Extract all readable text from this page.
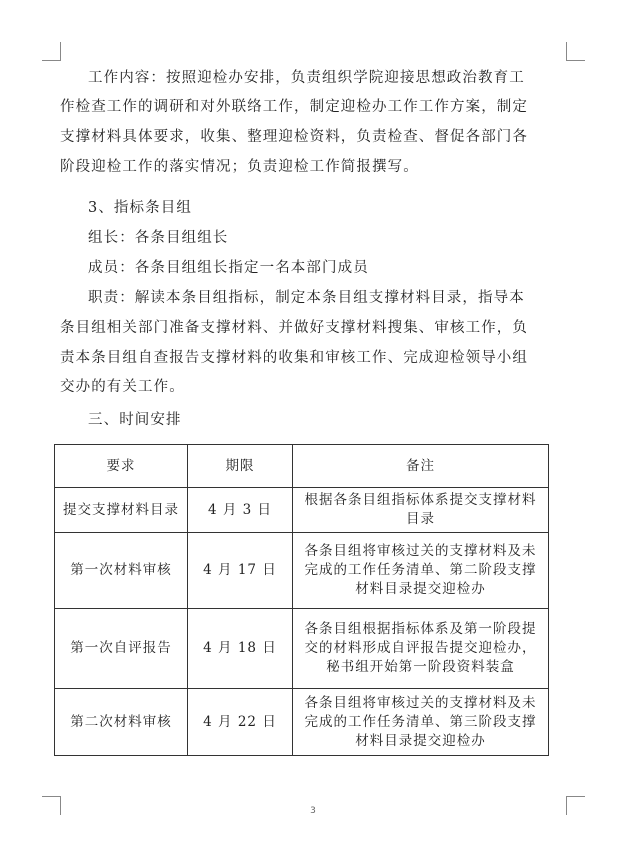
工作内容：按照迎检办安排，负责组织学院迎接思想政治教育工
作检查工作的调研和对外联络工作，制定迎检办工作工作方案，制定
支撑材料具体要求，收集、整理迎检资料，负责检查、督促各部门各
阶段迎检工作的落实情况；负责迎检工作简报撰写。
3、指标条目组
组长：各条目组组长
成员：各条目组组长指定一名本部门成员
职责：解读本条目组指标，制定本条目组支撑材料目录，指导本
条目组相关部门准备支撑材料、并做好支撑材料搜集、审核工作，负
责本条目组自查报告支撑材料的收集和审核工作、完成迎检领导小组
交办的有关工作。
三、时间安排
要求	期限	备注
提交支撑材料目录	4 月 3 日	根据各条目组指标体系提交支撑材料目录
第一次材料审核	4 月 17 日	各条目组将审核过关的支撑材料及未完成的工作任务清单、第二阶段支撑材料目录提交迎检办
第一次自评报告	4 月 18 日	各条目组根据指标体系及第一阶段提交的材料形成自评报告提交迎检办，秘书组开始第一阶段资料装盒
第二次材料审核	4 月 22 日	各条目组将审核过关的支撑材料及未完成的工作任务清单、第三阶段支撑材料目录提交迎检办
3
